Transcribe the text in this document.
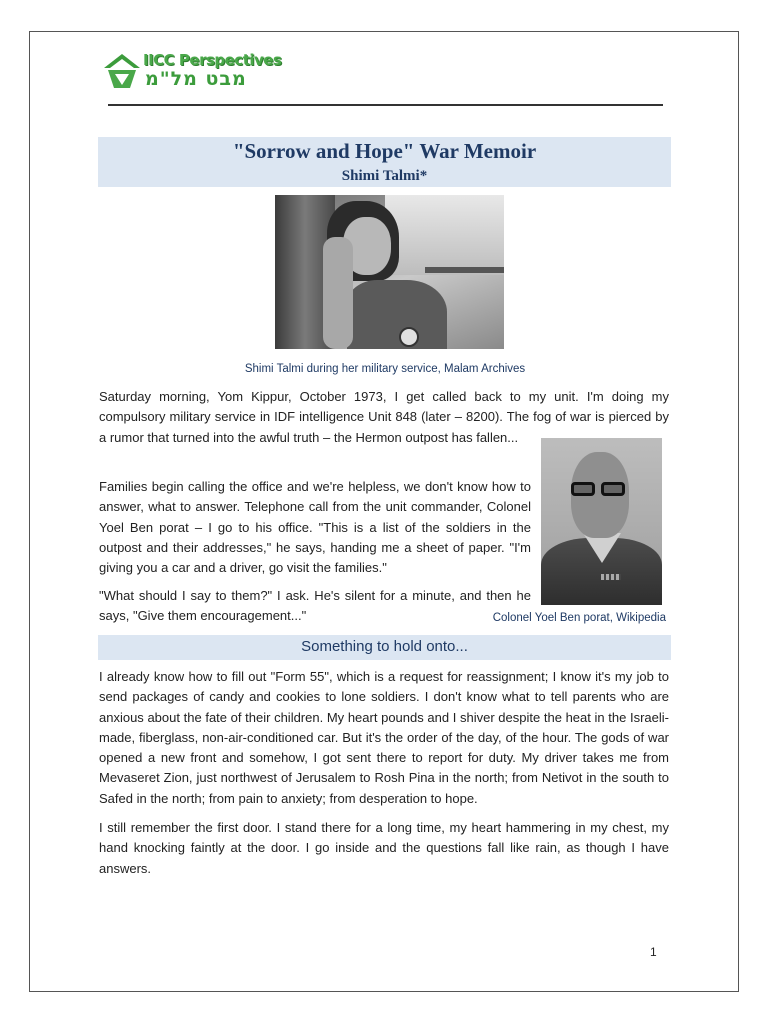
IICC Perspectives
מבט מל"מ
"Sorrow and Hope" War Memoir
Shimi Talmi*
Shimi Talmi during her military service, Malam Archives

Saturday morning, Yom Kippur, October 1973, I get called back to my unit. I'm doing my compulsory military service in IDF intelligence Unit 848 (later – 8200). The fog of war is pierced by a rumor that turned into the awful truth – the Hermon outpost has fallen...

Families begin calling the office and we're helpless, we don't know how to answer, what to answer. Telephone call from the unit commander, Colonel Yoel Ben porat – I go to his office. "This is a list of the soldiers in the outpost and their addresses," he says, handing me a sheet of paper. "I'm giving you a car and a driver, go visit the families."

"What should I say to them?" I ask. He's silent for a minute, and then he says, "Give them encouragement..."	Colonel Yoel Ben porat, Wikipedia
Something to hold onto...

I already know how to fill out "Form 55", which is a request for reassignment; I know it's my job to send packages of candy and cookies to lone soldiers. I don't know what to tell parents who are anxious about the fate of their children. My heart pounds and I shiver despite the heat in the Israeli-made, fiberglass, non-air-conditioned car. But it's the order of the day, of the hour. The gods of war opened a new front and somehow, I got sent there to report for duty. My driver takes me from Mevaseret Zion, just northwest of Jerusalem to Rosh Pina in the north; from Netivot in the south to Safed in the north; from pain to anxiety; from desperation to hope.

I still remember the first door. I stand there for a long time, my heart hammering in my chest, my hand knocking faintly at the door. I go inside and the questions fall like rain, as though I have answers.

1
